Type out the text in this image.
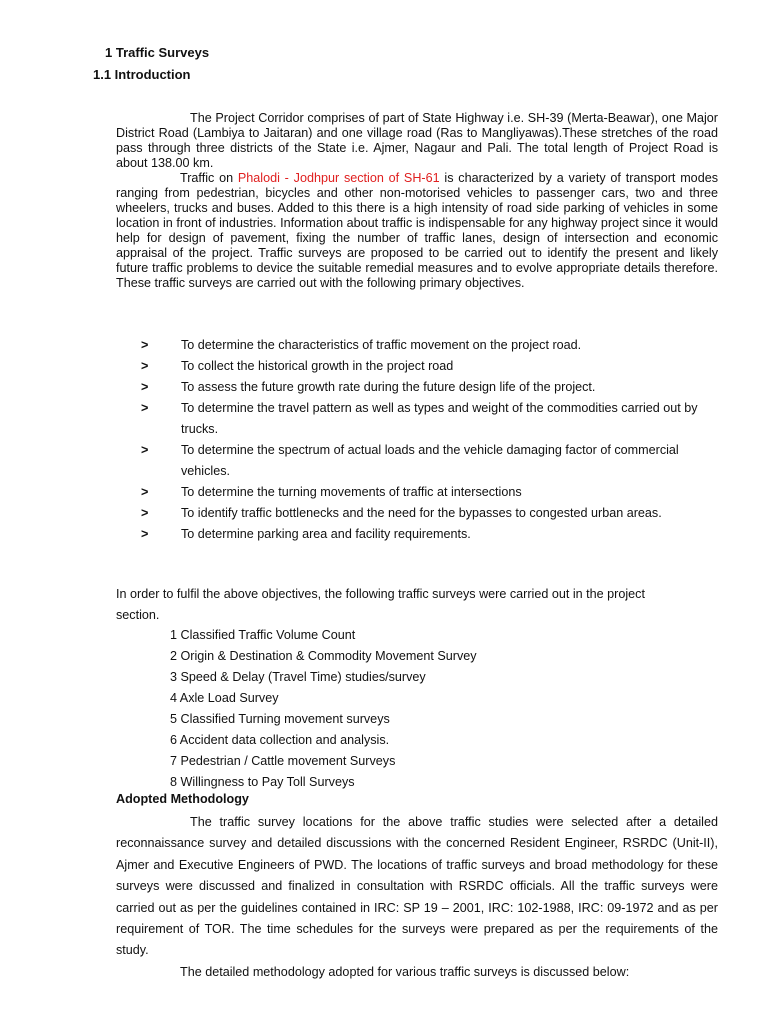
1 Traffic Surveys
1.1 Introduction

The Project Corridor comprises of part of State Highway i.e. SH-39 (Merta-Beawar), one Major District Road (Lambiya to Jaitaran) and one village road (Ras to Mangliyawas).These stretches of the road pass through three districts of the State i.e. Ajmer, Nagaur and Pali. The total length of Project Road is about 138.00 km.

Traffic on Phalodi - Jodhpur section of SH-61 is characterized by a variety of transport modes ranging from pedestrian, bicycles and other non-motorised vehicles to passenger cars, two and three wheelers, trucks and buses. Added to this there is a high intensity of road side parking of vehicles in some location in front of industries. Information about traffic is indispensable for any highway project since it would help for design of pavement, fixing the number of traffic lanes, design of intersection and economic appraisal of the project. Traffic surveys are proposed to be carried out to identify the present and likely future traffic problems to device the suitable remedial measures and to evolve appropriate details therefore. These traffic surveys are carried out with the following primary objectives.

>	To determine the characteristics of traffic movement on the project road.
>	To collect the historical growth in the project road
>	To assess the future growth rate during the future design life of the project.
>	To determine the travel pattern as well as types and weight of the commodities carried out by trucks.
>	To determine the spectrum of actual loads and the vehicle damaging factor of commercial vehicles.
>	To determine the turning movements of traffic at intersections
>	To identify traffic bottlenecks and the need for the bypasses to congested urban areas.
>	To determine parking area and facility requirements.

In order to fulfil the above objectives, the following traffic surveys were carried out in the project section.

1 Classified Traffic Volume Count
2 Origin & Destination & Commodity Movement Survey
3 Speed & Delay (Travel Time) studies/survey
4 Axle Load Survey
5 Classified Turning movement surveys
6 Accident data collection and analysis.
7 Pedestrian / Cattle movement Surveys
8 Willingness to Pay Toll Surveys
Adopted Methodology

The traffic survey locations for the above traffic studies were selected after a detailed reconnaissance survey and detailed discussions with the concerned Resident Engineer, RSRDC (Unit-II), Ajmer and Executive Engineers of PWD. The locations of traffic surveys and broad methodology for these surveys were discussed and finalized in consultation with RSRDC officials. All the traffic surveys were carried out as per the guidelines contained in IRC: SP 19 – 2001, IRC: 102-1988, IRC: 09-1972 and as per requirement of TOR. The time schedules for the surveys were prepared as per the requirements of the study.

The detailed methodology adopted for various traffic surveys is discussed below:
